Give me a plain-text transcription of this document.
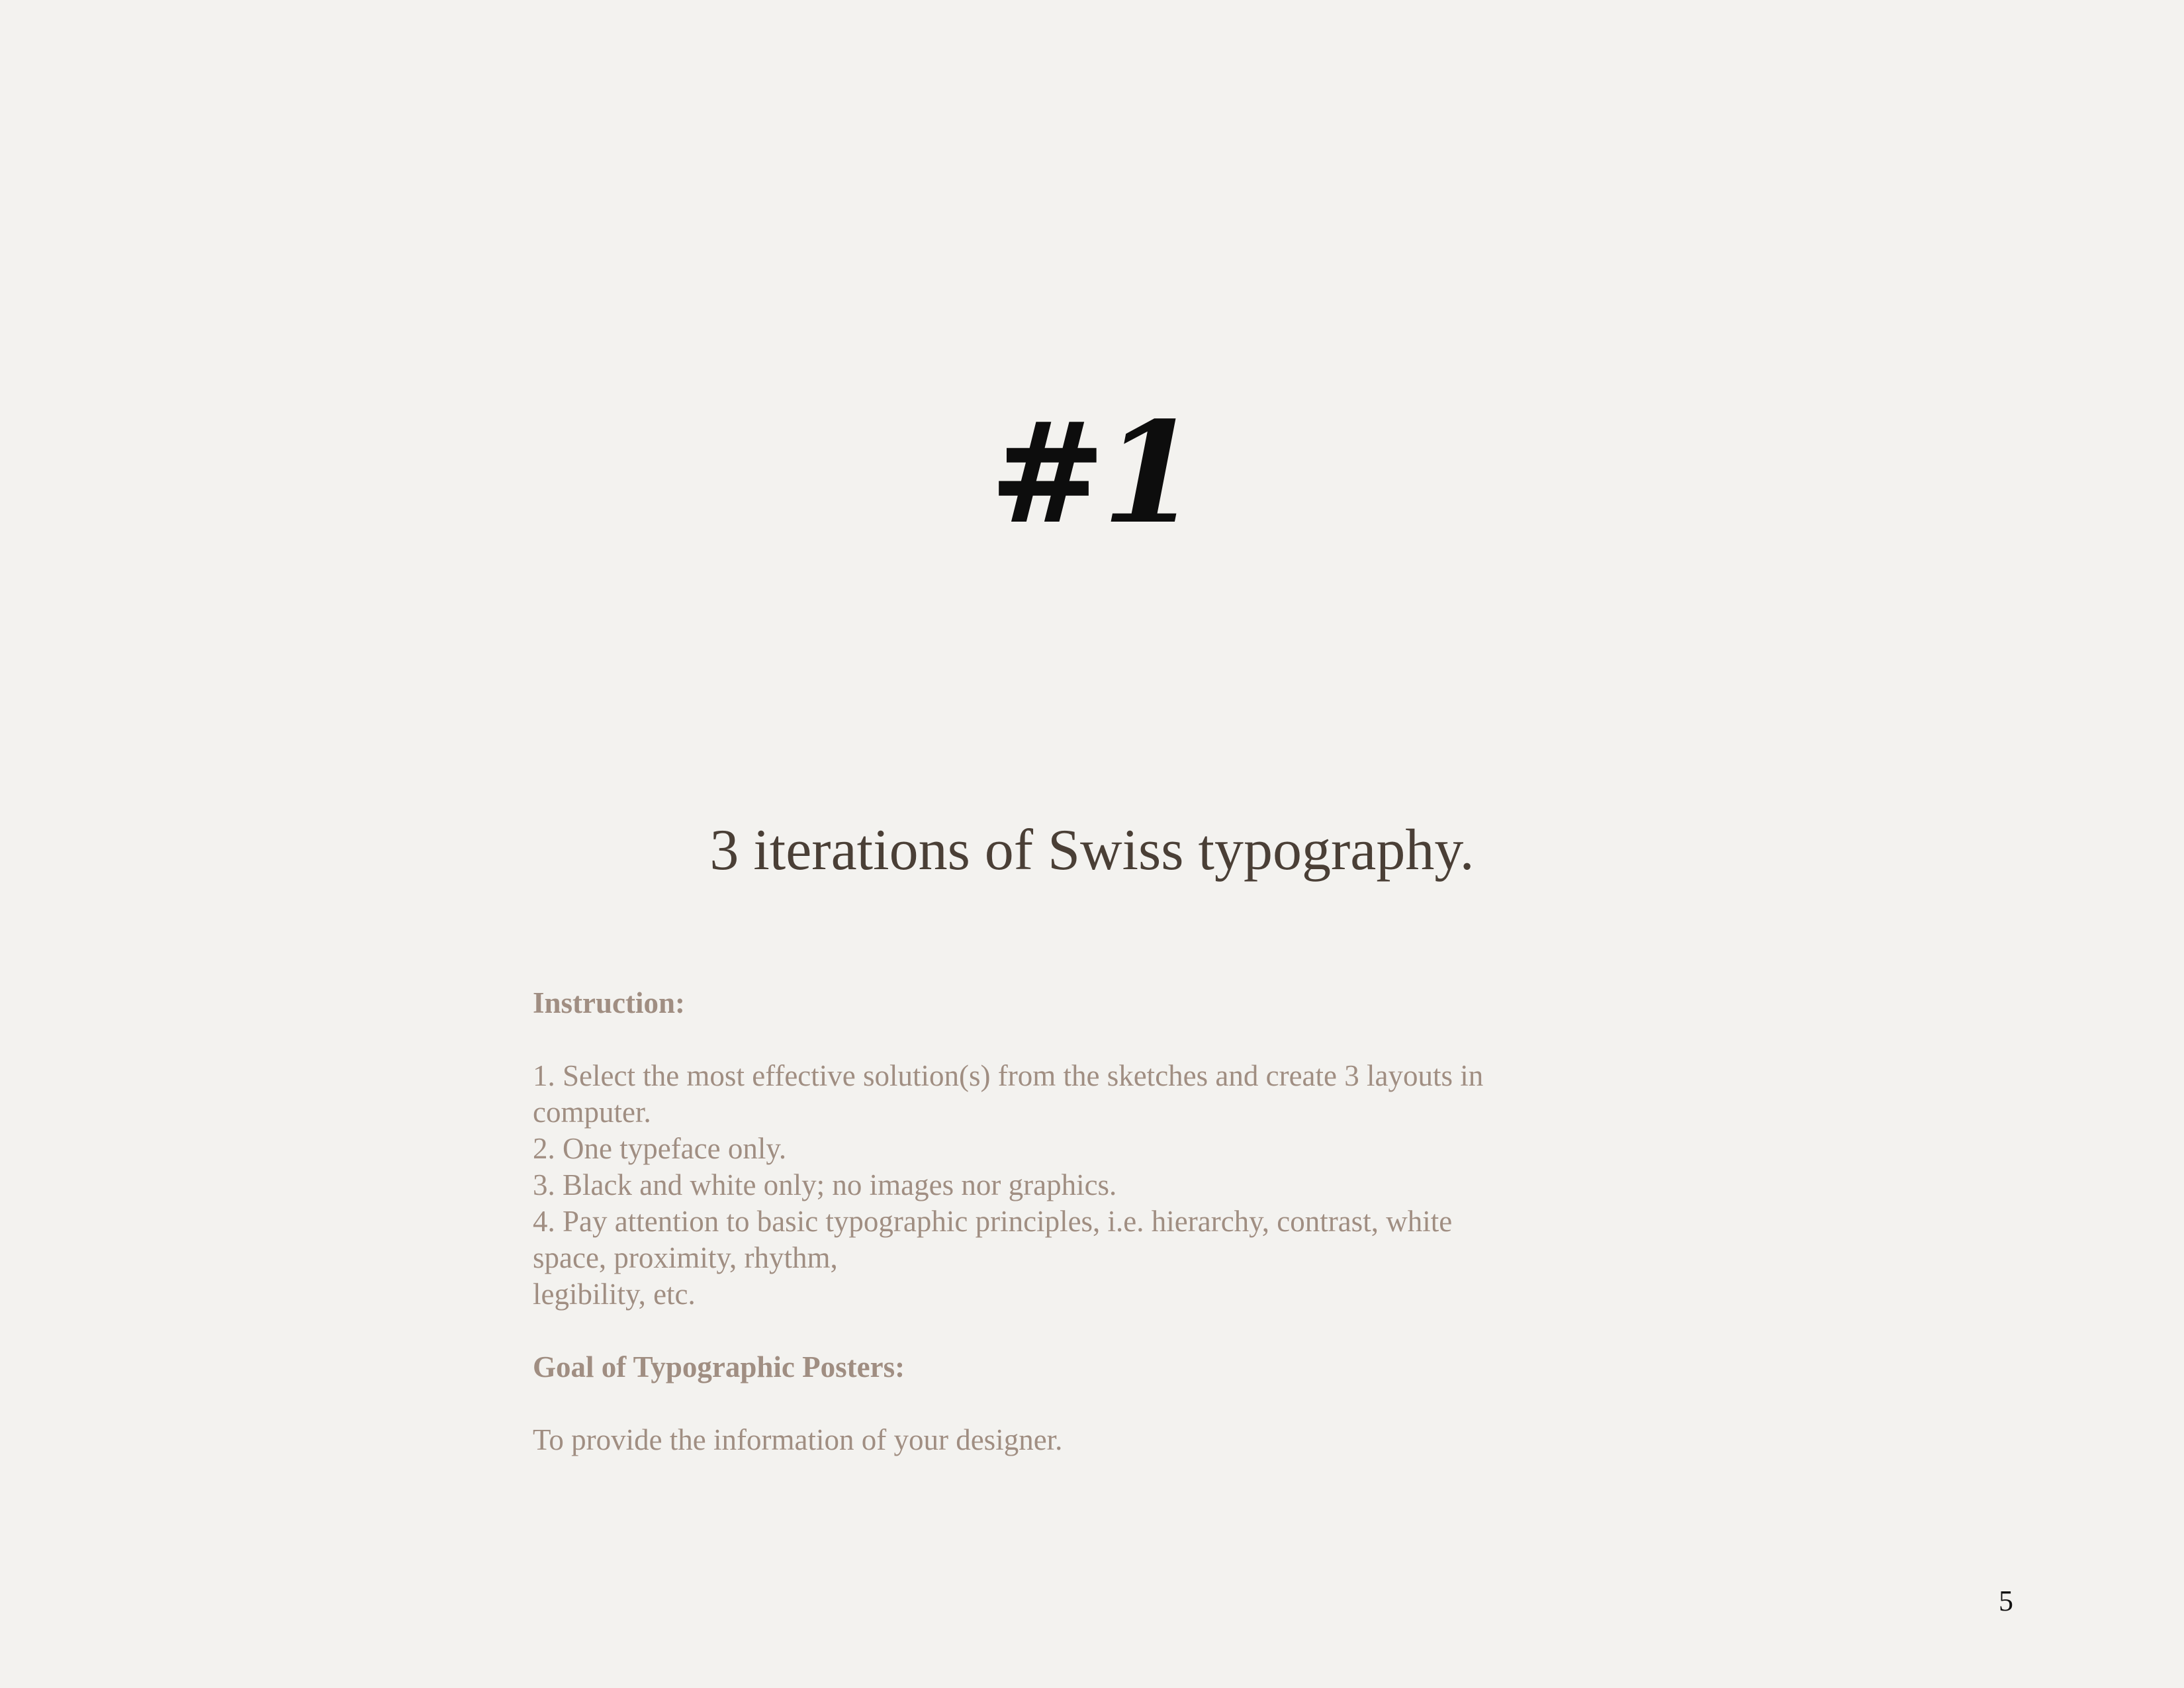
#1
3 iterations of Swiss typography.

Instruction:

1. Select the most effective solution(s) from the sketches and create 3 layouts in

computer.

2. One typeface only.

3. Black and white only; no images nor graphics.

4. Pay attention to basic typographic principles, i.e. hierarchy, contrast, white

space, proximity, rhythm,

legibility, etc.

Goal of Typographic Posters:

To provide the information of your designer.

5
